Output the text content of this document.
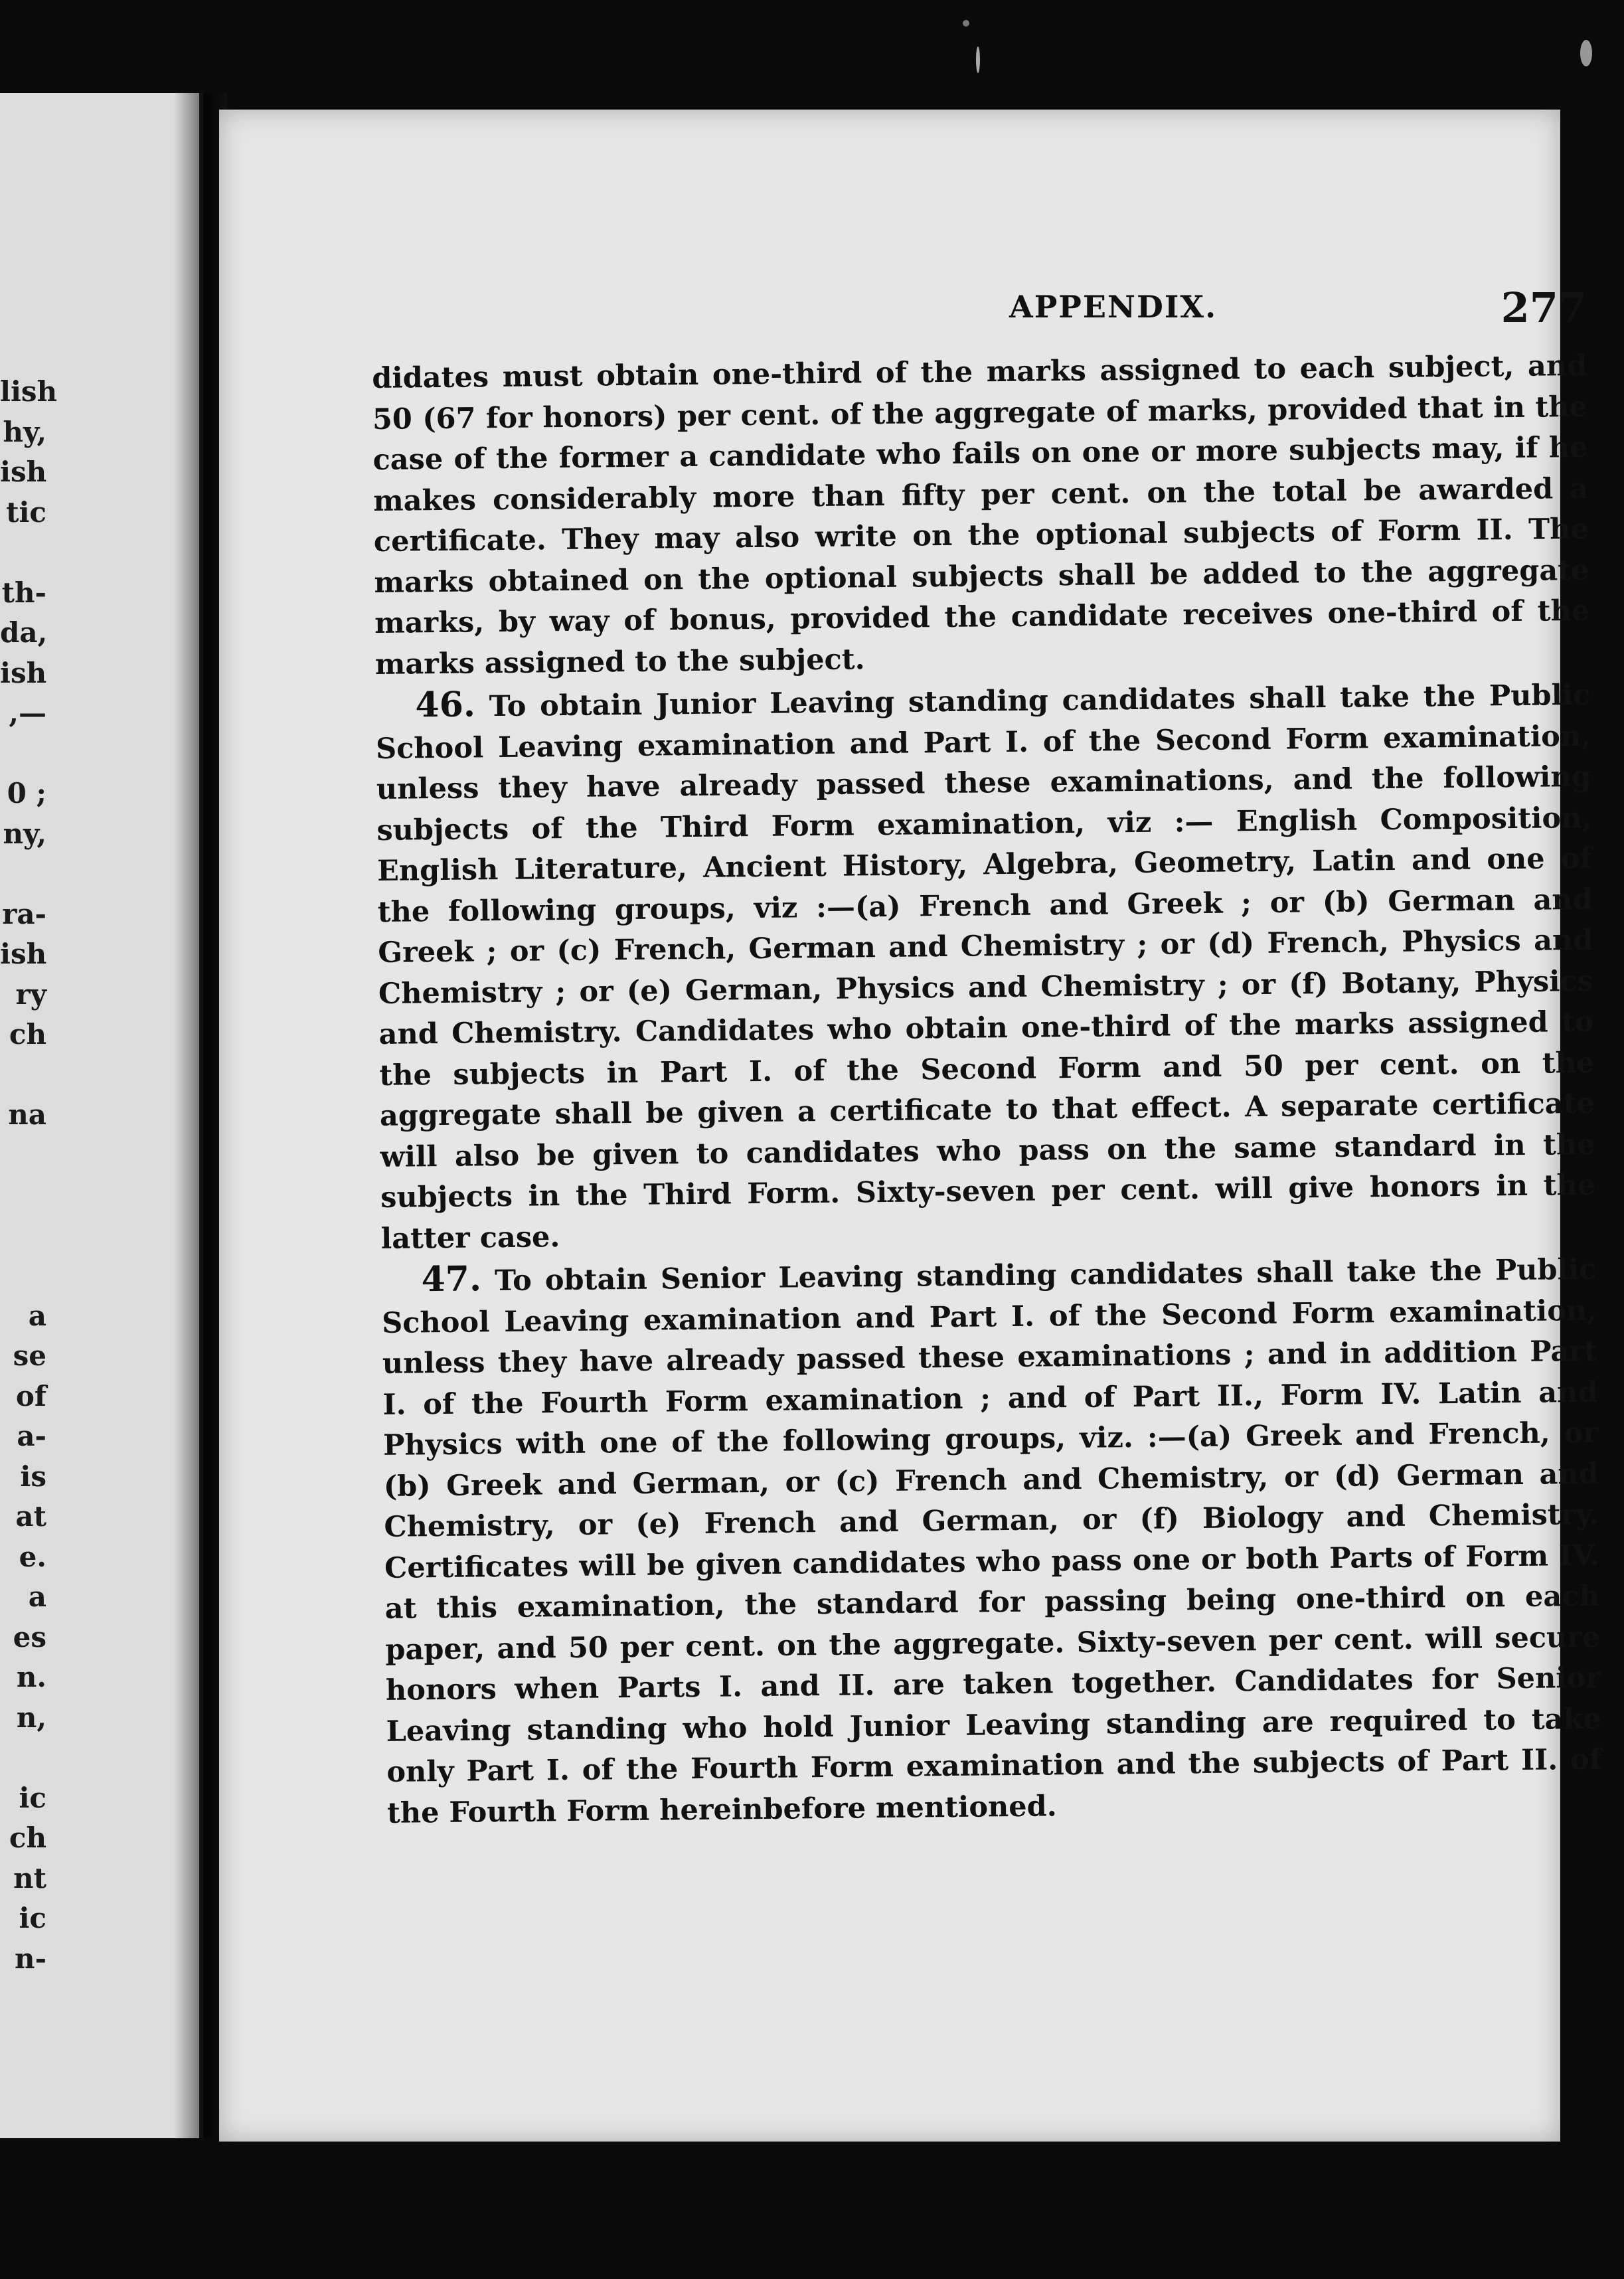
lish
hy,
ish
tic
th-
da,
ish
,—
0 ;
ny,
ra-
ish
ry
ch
na
a
se
of
a-
is
at
e.
a
es
n.
n,
ic
ch
nt
ic
n-
APPENDIX.	277

didates must obtain one-third of the marks assigned to each subject, and 50 (67 for honors) per cent. of the aggregate of marks, provided that in the case of the former a candidate who fails on one or more subjects may, if he makes considerably more than fifty per cent. on the total be awarded a certificate. They may also write on the optional subjects of Form II. The marks obtained on the optional subjects shall be added to the aggregate marks, by way of bonus, provided the candidate receives one-third of the marks assigned to the subject.

46. To obtain Junior Leaving standing candidates shall take the Public School Leaving examination and Part I. of the Second Form examination, unless they have already passed these examinations, and the following subjects of the Third Form examination, viz :— English Composition, English Literature, Ancient History, Algebra, Geometry, Latin and one of the following groups, viz :—(a) French and Greek ; or (b) German and Greek ; or (c) French, German and Chemistry ; or (d) French, Physics and Chemistry ; or (e) German, Physics and Chemistry ; or (f) Botany, Physics and Chemistry. Candidates who obtain one-third of the marks assigned to the subjects in Part I. of the Second Form and 50 per cent. on the aggregate shall be given a certificate to that effect. A separate certificate will also be given to candidates who pass on the same standard in the subjects in the Third Form. Sixty-seven per cent. will give honors in the latter case.

47. To obtain Senior Leaving standing candidates shall take the Public School Leaving examination and Part I. of the Second Form examination, unless they have already passed these examinations ; and in addition Part I. of the Fourth Form examination ; and of Part II., Form IV. Latin and Physics with one of the following groups, viz. :—(a) Greek and French, or (b) Greek and German, or (c) French and Chemistry, or (d) German and Chemistry, or (e) French and German, or (f) Biology and Chemistry. Certificates will be given candidates who pass one or both Parts of Form IV. at this examination, the standard for passing being one-third on each paper, and 50 per cent. on the aggregate. Sixty-seven per cent. will secure honors when Parts I. and II. are taken together. Candidates for Senior Leaving standing who hold Junior Leaving standing are required to take only Part I. of the Fourth Form examination and the subjects of Part II. of the Fourth Form hereinbefore mentioned.
